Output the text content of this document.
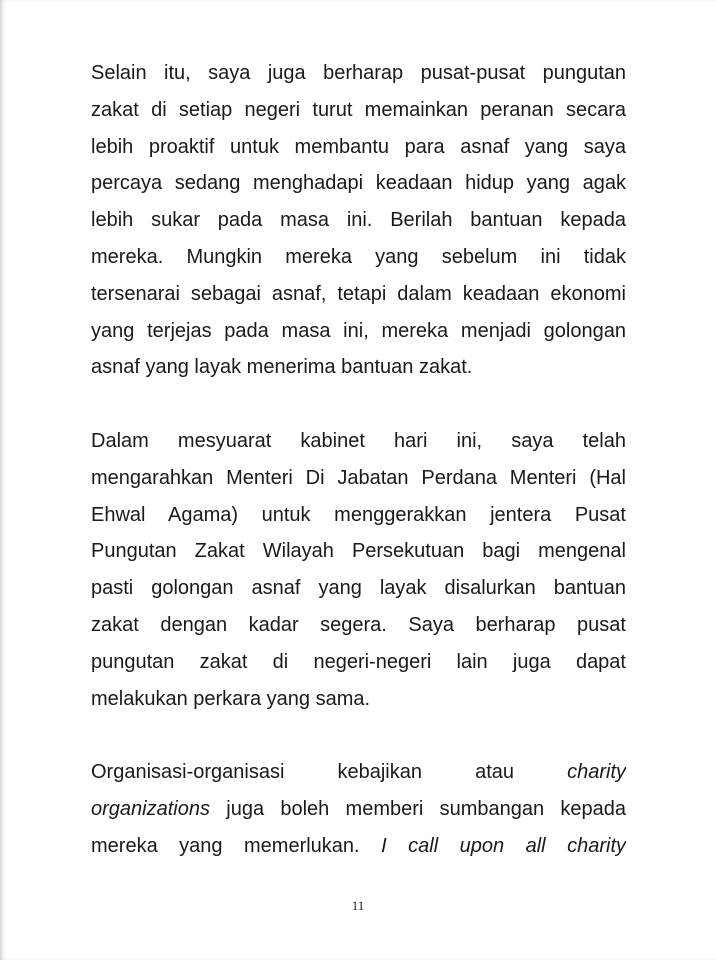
Selain itu, saya juga berharap pusat-pusat pungutan
zakat di setiap negeri turut memainkan peranan secara
lebih proaktif untuk membantu para asnaf yang saya
percaya sedang menghadapi keadaan hidup yang agak
lebih sukar pada masa ini. Berilah bantuan kepada
mereka. Mungkin mereka yang sebelum ini tidak
tersenarai sebagai asnaf, tetapi dalam keadaan ekonomi
yang terjejas pada masa ini, mereka menjadi golongan
asnaf yang layak menerima bantuan zakat.
Dalam mesyuarat kabinet hari ini, saya telah
mengarahkan Menteri Di Jabatan Perdana Menteri (Hal
Ehwal Agama) untuk menggerakkan jentera Pusat
Pungutan Zakat Wilayah Persekutuan bagi mengenal
pasti golongan asnaf yang layak disalurkan bantuan
zakat dengan kadar segera. Saya berharap pusat
pungutan zakat di negeri-negeri lain juga dapat
melakukan perkara yang sama.
Organisasi-organisasi kebajikan atau	charity
organizations juga boleh memberi sumbangan kepada
mereka yang memerlukan. I call upon all charity
11
